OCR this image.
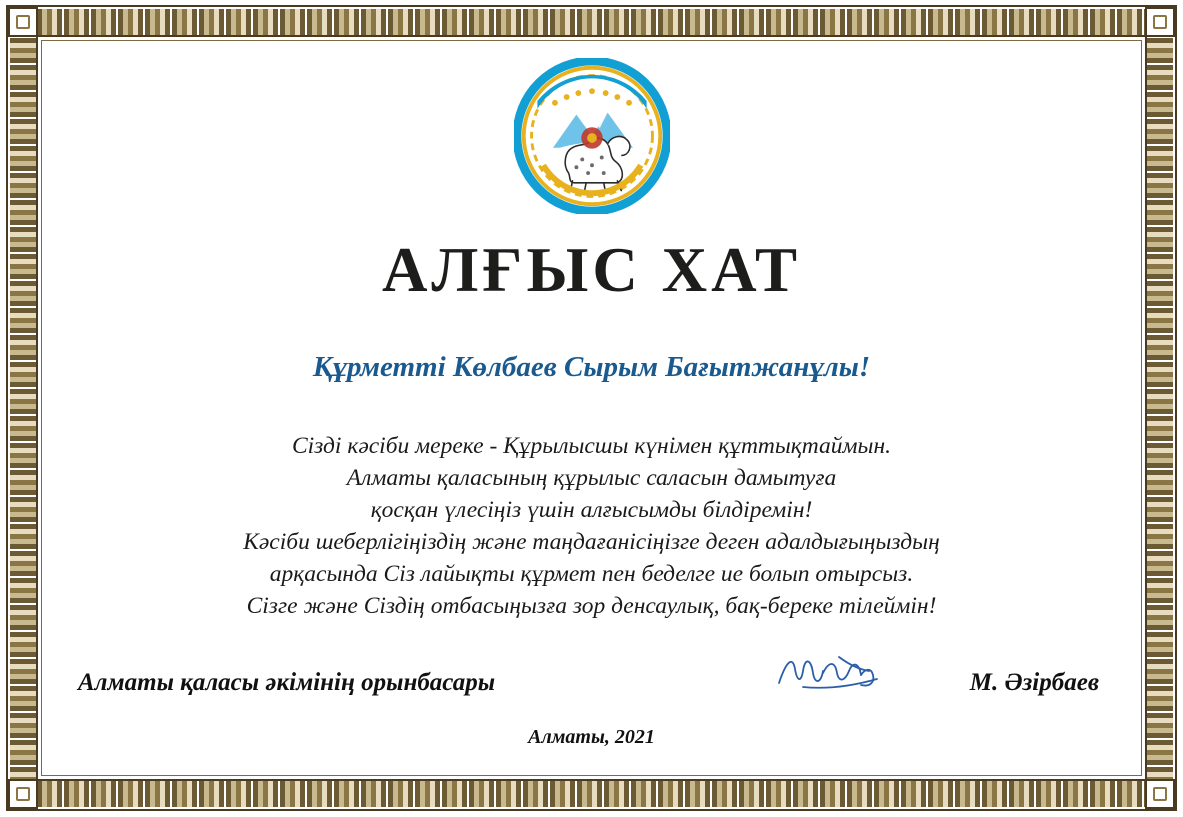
АЛҒЫС ХАТ
Құрметті Көлбаев Сырым Бағытжанұлы!
Сізді кәсіби мереке - Құрылысшы күнімен құттықтаймын.
Алматы қаласының құрылыс саласын дамытуға
қосқан үлесіңіз үшін алғысымды білдіремін!
Кәсіби шеберлігіңіздің және таңдағанісіңізге деген адалдығыңыздың
арқасында Сіз лайықты құрмет пен беделге ие болып отырсыз.
Сізге және Сіздің отбасыңызға зор денсаулық, бақ-береке тілеймін!
Алматы қаласы әкімінің орынбасары	М. Әзірбаев
Алматы, 2021
